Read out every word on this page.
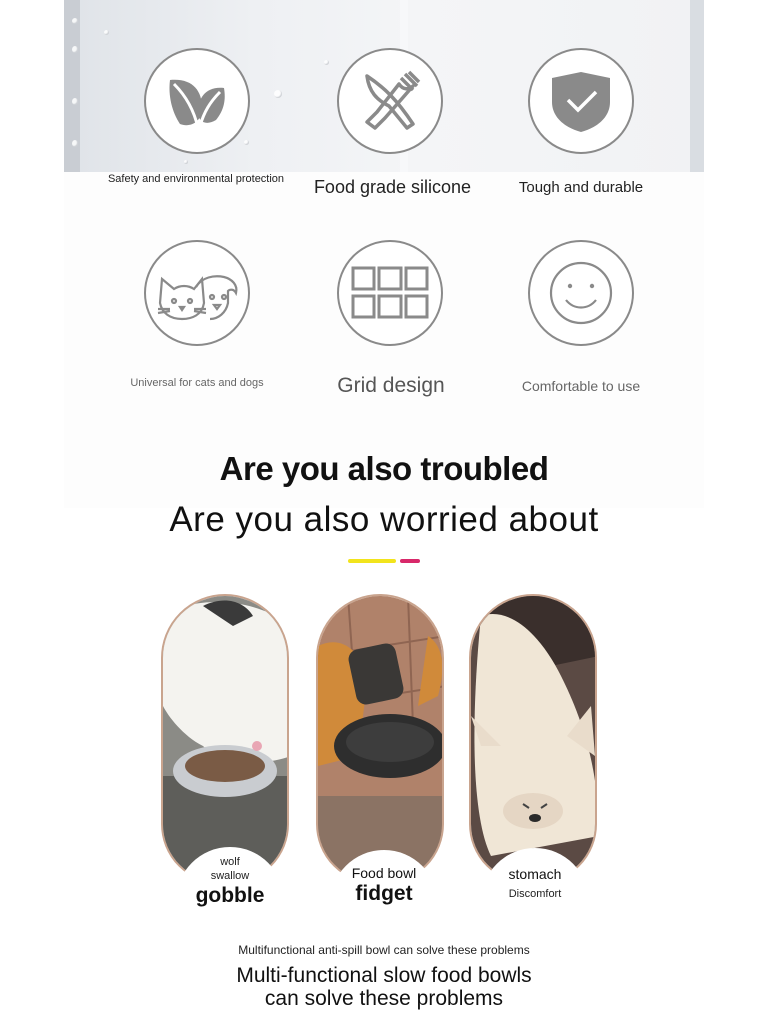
Safety and environmental protection	Food grade silicone	Tough and durable
Universal for cats and dogs	Grid design	Comfortable to use
Are you also troubled
Are you also worried about
wolf
swallow
gobble
Food bowl
fidget
stomach
Discomfort
Multifunctional anti-spill bowl can solve these problems
Multi-functional slow food bowls
can solve these problems
